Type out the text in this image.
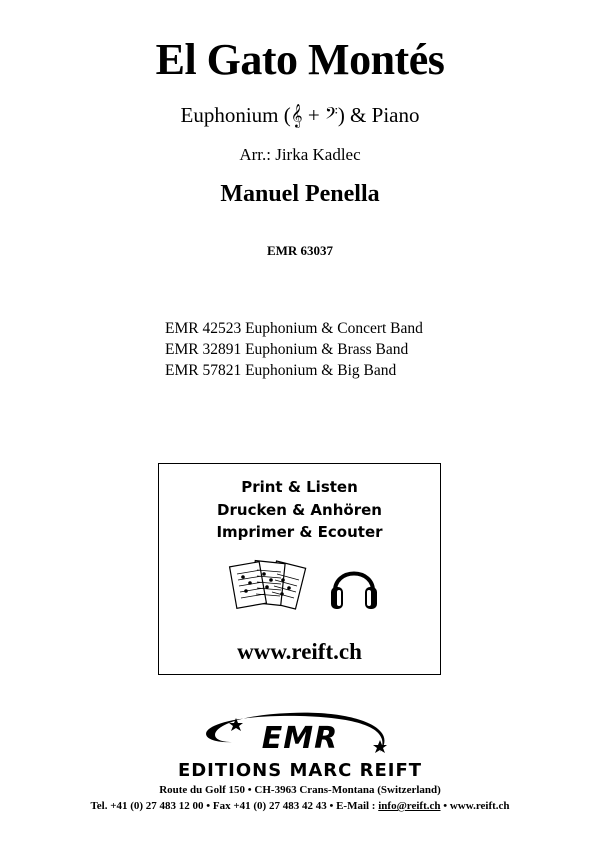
El Gato Montés
Euphonium (𝄞 + 𝄢) & Piano
Arr.: Jirka Kadlec
Manuel Penella
EMR 63037
EMR 42523 Euphonium & Concert Band
EMR 32891 Euphonium & Brass Band
EMR 57821 Euphonium & Big Band
Print & Listen
Drucken & Anhören
Imprimer & Ecouter
www.reift.ch
EMR
EDITIONS MARC REIFT
Route du Golf 150 • CH-3963 Crans-Montana (Switzerland)
Tel. +41 (0) 27 483 12 00 • Fax +41 (0) 27 483 42 43 • E-Mail : info@reift.ch • www.reift.ch
